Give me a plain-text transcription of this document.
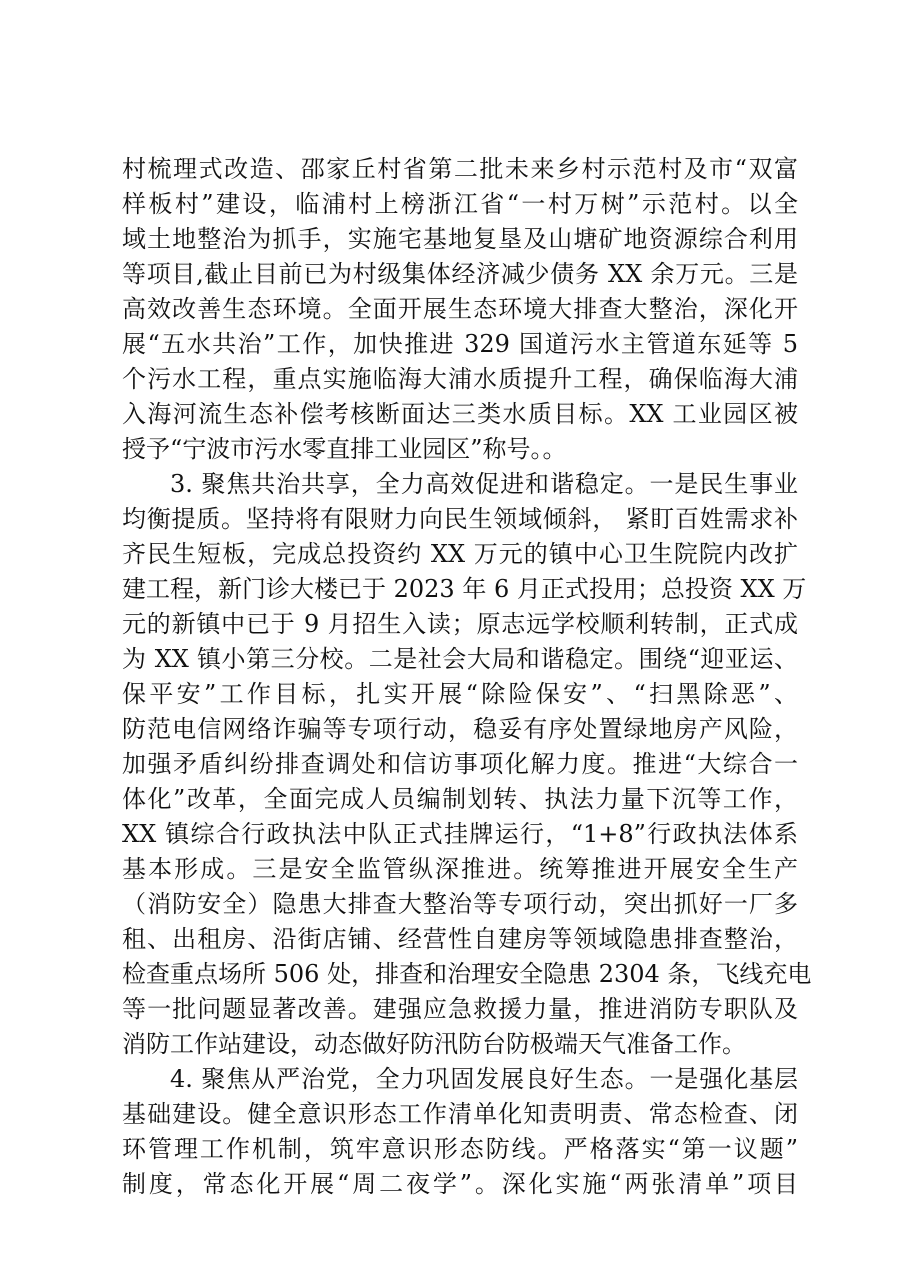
村梳理式改造、邵家丘村省第二批未来乡村示范村及市“双富
样板村”建设，临浦村上榜浙江省“一村万树”示范村。以全
域土地整治为抓手，实施宅基地复垦及山塘矿地资源综合利用
等项目,截止目前已为村级集体经济减少债务 XX 余万元。三是
高效改善生态环境。全面开展生态环境大排查大整治，深化开
展“五水共治”工作，加快推进 329 国道污水主管道东延等 5
个污水工程，重点实施临海大浦水质提升工程，确保临海大浦
入海河流生态补偿考核断面达三类水质目标。XX 工业园区被
授予“宁波市污水零直排工业园区”称号。。
3. 聚焦共治共享，全力高效促进和谐稳定。一是民生事业
均衡提质。坚持将有限财力向民生领域倾斜， 紧盯百姓需求补
齐民生短板，完成总投资约 XX 万元的镇中心卫生院院内改扩
建工程，新门诊大楼已于 2023 年 6 月正式投用；总投资 XX 万
元的新镇中已于 9 月招生入读；原志远学校顺利转制，正式成
为 XX 镇小第三分校。二是社会大局和谐稳定。围绕“迎亚运、
保平安”工作目标，扎实开展“除险保安”、“扫黑除恶”、
防范电信网络诈骗等专项行动，稳妥有序处置绿地房产风险，
加强矛盾纠纷排查调处和信访事项化解力度。推进“大综合一
体化”改革，全面完成人员编制划转、执法力量下沉等工作，
XX 镇综合行政执法中队正式挂牌运行，“1+8”行政执法体系
基本形成。三是安全监管纵深推进。统筹推进开展安全生产
（消防安全）隐患大排查大整治等专项行动，突出抓好一厂多
租、出租房、沿街店铺、经营性自建房等领域隐患排查整治，
检查重点场所 506 处，排查和治理安全隐患 2304 条，飞线充电
等一批问题显著改善。建强应急救援力量，推进消防专职队及
消防工作站建设，动态做好防汛防台防极端天气准备工作。
4. 聚焦从严治党，全力巩固发展良好生态。一是强化基层
基础建设。健全意识形态工作清单化知责明责、常态检查、闭
环管理工作机制，筑牢意识形态防线。严格落实“第一议题”
制度，常态化开展“周二夜学”。深化实施“两张清单”项目
